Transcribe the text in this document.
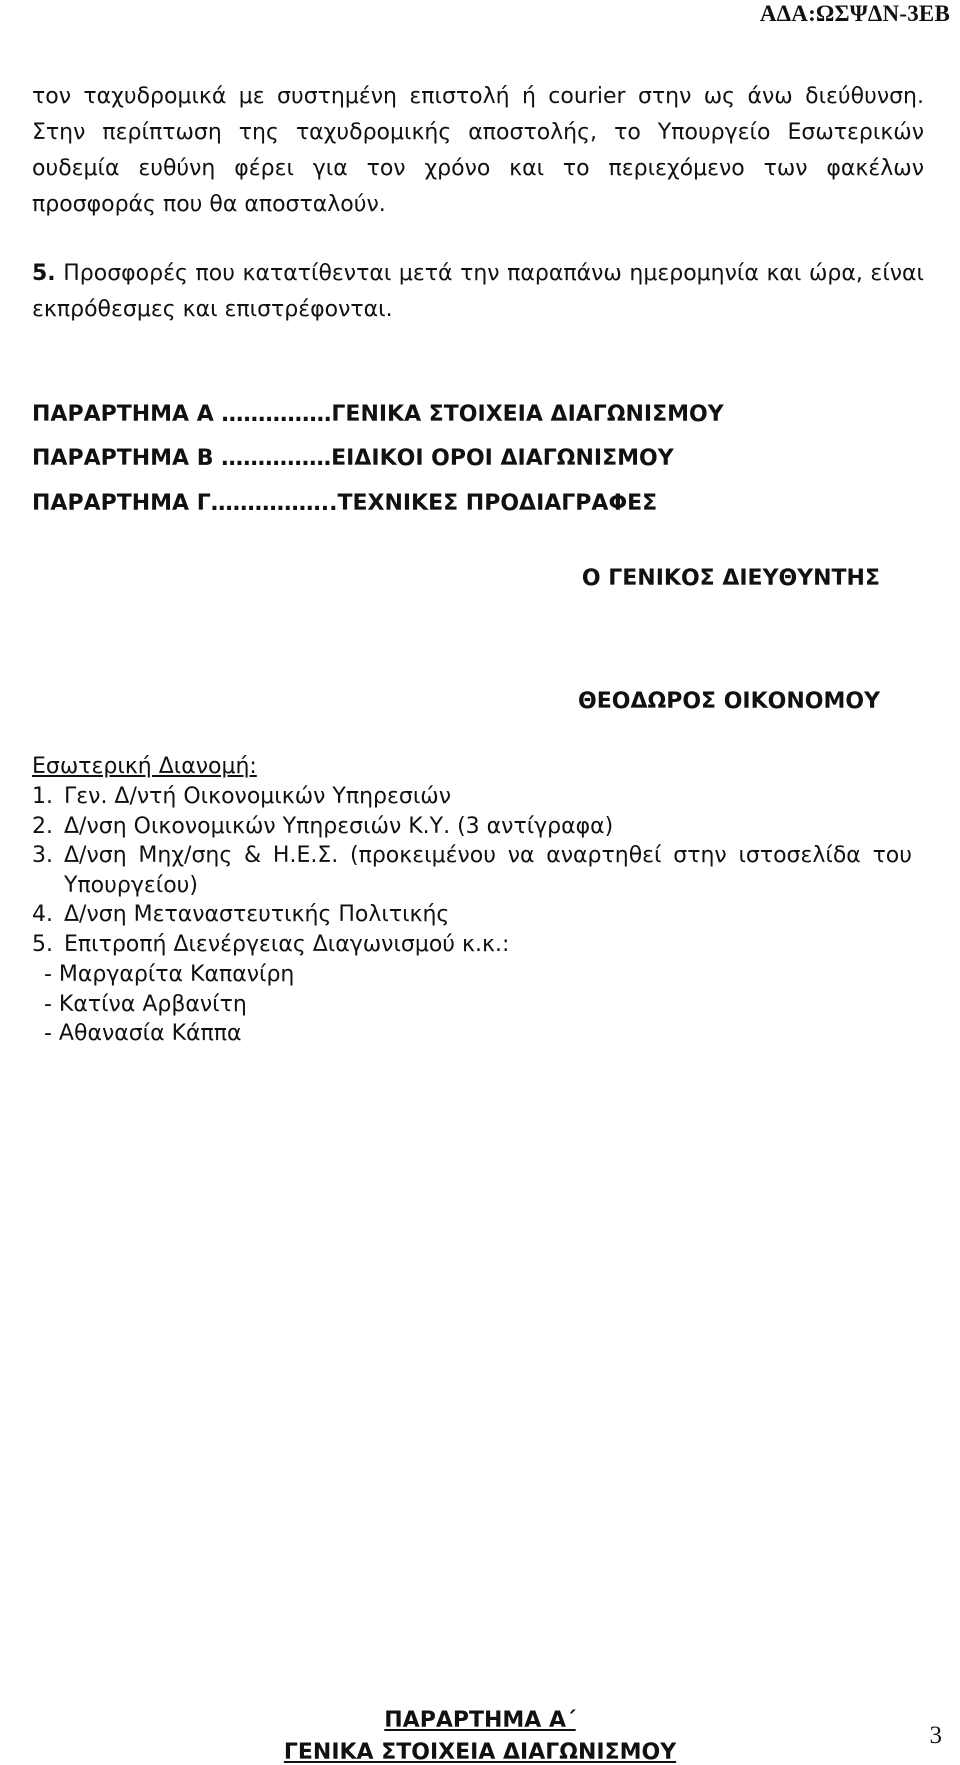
ΑΔΑ:ΩΣΨΔΝ-3ΕΒ
τον ταχυδρομικά με συστημένη επιστολή ή courier στην ως άνω διεύθυνση. Στην περίπτωση της ταχυδρομικής αποστολής, το Υπουργείο Εσωτερικών ουδεμία ευθύνη φέρει για τον χρόνο και το περιεχόμενο των φακέλων προσφοράς που θα αποσταλούν.
5. Προσφορές που κατατίθενται μετά την παραπάνω ημερομηνία και ώρα, είναι εκπρόθεσμες και επιστρέφονται.
ΠΑΡΑΡΤΗΜΑ Α ……………ΓΕΝΙΚΑ ΣΤΟΙΧΕΙΑ ΔΙΑΓΩΝΙΣΜΟΥ
ΠΑΡΑΡΤΗΜΑ Β ……………ΕΙΔΙΚΟΙ ΟΡΟΙ ΔΙΑΓΩΝΙΣΜΟΥ
ΠΑΡΑΡΤΗΜΑ Γ……………..ΤΕΧΝΙΚΕΣ ΠΡΟΔΙΑΓΡΑΦΕΣ
Ο ΓΕΝΙΚΟΣ ΔΙΕΥΘΥΝΤΗΣ
ΘΕΟΔΩΡΟΣ ΟΙΚΟΝΟΜΟΥ
Εσωτερική Διανομή:
1. Γεν. Δ/ντή Οικονομικών Υπηρεσιών
2. Δ/νση Οικονομικών Υπηρεσιών Κ.Υ. (3 αντίγραφα)
3. Δ/νση Μηχ/σης & Η.Ε.Σ. (προκειμένου να αναρτηθεί στην ιστοσελίδα του Υπουργείου)
4. Δ/νση Μεταναστευτικής Πολιτικής
5. Επιτροπή Διενέργειας Διαγωνισμού κ.κ.:
- Μαργαρίτα Καπανίρη
- Κατίνα Αρβανίτη
- Αθανασία Κάππα
ΠΑΡΑΡΤΗΜΑ Α΄
ΓΕΝΙΚΑ ΣΤΟΙΧΕΙΑ ΔΙΑΓΩΝΙΣΜΟΥ
3
